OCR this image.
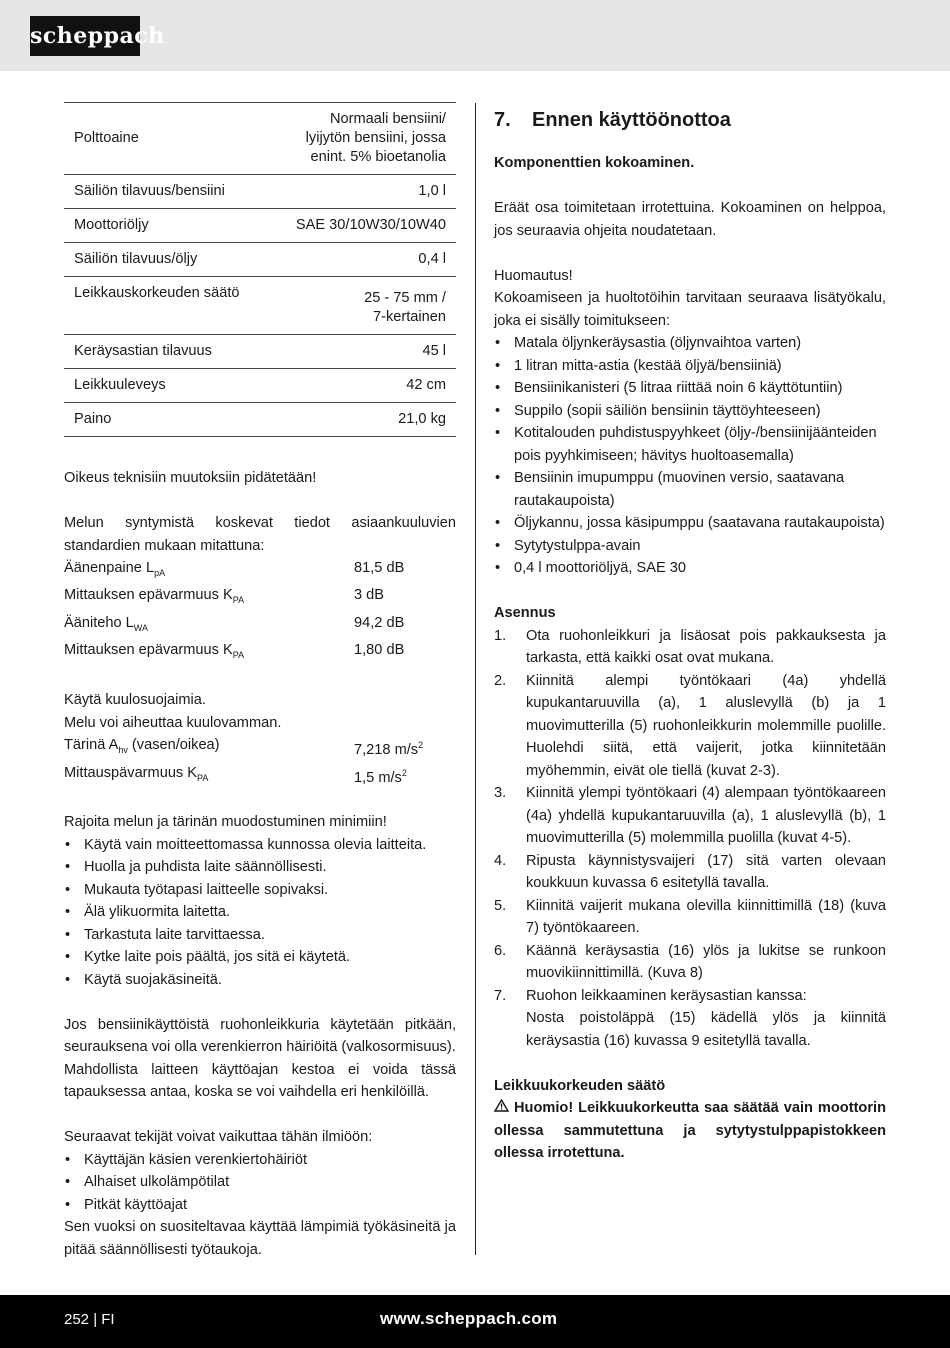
scheppach
Polttoaine	Normaali bensiini/
lyijytön bensiini, jossa
enint. 5% bioetanolia

Säiliön tilavuus/bensiini	1,0 l

Moottoriöljy	SAE 30/10W30/10W40

Säiliön tilavuus/öljy	0,4 l

Leikkauskorkeuden säätö	25 - 75 mm /
7-kertainen

Keräysastian tilavuus	45 l

Leikkuuleveys	42 cm

Paino	21,0 kg

Oikeus teknisiin muutoksiin pidätetään!

Melun syntymistä koskevat tiedot asiaankuuluvien standardien mukaan mitattuna:

Äänenpaine $L_{pA}$	81,5 dB
Mittauksen epävarmuus $K_{PA}$	3 dB
Ääniteho $L_{WA}$	94,2 dB
Mittauksen epävarmuus $K_{PA}$	1,80 dB

Käytä kuulosuojaimia.

Melu voi aiheuttaa kuulovamman.

Tärinä $A_{hv}$ (vasen/oikea)	7,218 $m/s^2$
Mittauspävarmuus $K_{PA}$	1,5 $m/s^2$

Rajoita melun ja tärinän muodostuminen minimiin!

• Käytä vain moitteettomassa kunnossa olevia laitteita.
• Huolla ja puhdista laite säännöllisesti.
• Mukauta työtapasi laitteelle sopivaksi.
• Älä ylikuormita laitetta.
• Tarkastuta laite tarvittaessa.
• Kytke laite pois päältä, jos sitä ei käytetä.
• Käytä suojakäsineitä.

Jos bensiinikäyttöistä ruohonleikkuria käytetään pitkään, seurauksena voi olla verenkierron häiriöitä (valkosormisuus).

Mahdollista laitteen käyttöajan kestoa ei voida tässä tapauksessa antaa, koska se voi vaihdella eri henkilöillä.

Seuraavat tekijät voivat vaikuttaa tähän ilmiöön:

• Käyttäjän käsien verenkiertohäiriöt
• Alhaiset ulkolämpötilat
• Pitkät käyttöajat

Sen vuoksi on suositeltavaa käyttää lämpimiä työkäsineitä ja pitää säännöllisesti työtaukoja.

7.	Ennen käyttöönottoa

Komponenttien kokoaminen.

Eräät osa toimitetaan irrotettuina. Kokoaminen on helppoa, jos seuraavia ohjeita noudatetaan.

Huomautus!

Kokoamiseen ja huoltotöihin tarvitaan seuraava lisätyökalu, joka ei sisälly toimitukseen:

• Matala öljynkeräysastia (öljynvaihtoa varten)
• 1 litran mitta-astia (kestää öljyä/bensiiniä)
• Bensiinikanisteri (5 litraa riittää noin 6 käyttötuntiin)
• Suppilo (sopii säiliön bensiinin täyttöyhteeseen)
• Kotitalouden puhdistuspyyhkeet (öljy-/bensiinijäänteiden pois pyyhkimiseen; hävitys huoltoasemalla)
• Bensiinin imupumppu (muovinen versio, saatavana rautakaupoista)
• Öljykannu, jossa käsipumppu (saatavana rautakaupoista)
• Sytytystulppa-avain
• 0,4 l moottoriöljyä, SAE 30

Asennus

1. Ota ruohonleikkuri ja lisäosat pois pakkauksesta ja tarkasta, että kaikki osat ovat mukana.
2. Kiinnitä alempi työntökaari (4a) yhdellä kupukantaruuvilla (a), 1 aluslevyllä (b) ja 1 muovimutterilla (5) ruohonleikkurin molemmille puolille. Huolehdi siitä, että vaijerit, jotka kiinnitetään myöhemmin, eivät ole tiellä (kuvat 2-3).
3. Kiinnitä ylempi työntökaari (4) alempaan työntökaareen (4a) yhdellä kupukantaruuvilla (a), 1 aluslevyllä (b), 1 muovimutterilla (5) molemmilla puolilla (kuvat 4-5).
4. Ripusta käynnistysvaijeri (17) sitä varten olevaan koukkuun kuvassa 6 esitetyllä tavalla.
5. Kiinnitä vaijerit mukana olevilla kiinnittimillä (18) (kuva 7) työntökaareen.
6. Käännä keräysastia (16) ylös ja lukitse se runkoon muovikiinnittimillä. (Kuva 8)
7. Ruohon leikkaaminen keräysastian kanssa:

Nosta poistoläppä (15) kädellä ylös ja kiinnitä keräysastia (16) kuvassa 9 esitetyllä tavalla.

Leikkuukorkeuden säätö

Huomio! Leikkuukorkeutta saa säätää vain moottorin ollessa sammutettuna ja sytytystulppapistokkeen ollessa irrotettuna.

252 | FI	www.scheppach.com
